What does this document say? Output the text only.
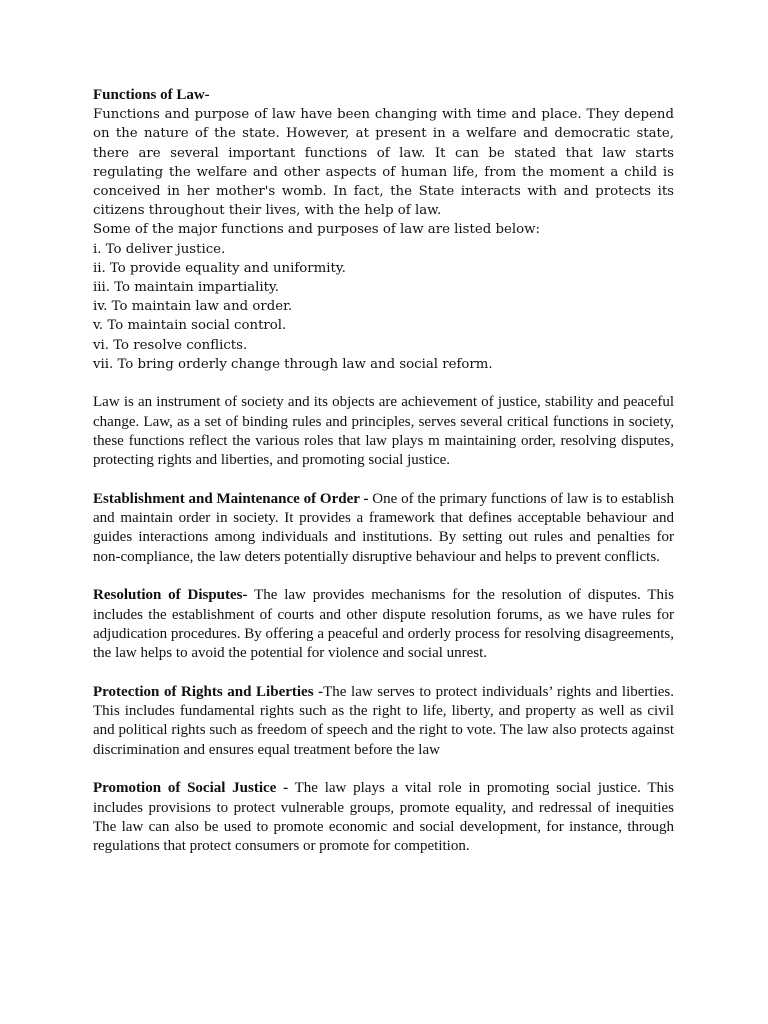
Functions of Law-

Functions and purpose of law have been changing with time and place. They depend on the nature of the state. However, at present in a welfare and democratic state, there are several important functions of law. It can be stated that law starts regulating the welfare and other aspects of human life, from the moment a child is conceived in her mother's womb. In fact, the State interacts with and protects its citizens throughout their lives, with the help of law.

Some of the major functions and purposes of law are listed below:

i. To deliver justice.
ii. To provide equality and uniformity.
iii. To maintain impartiality.
iv. To maintain law and order.
v. To maintain social control.
vi. To resolve conflicts.
vii. To bring orderly change through law and social reform.

Law is an instrument of society and its objects are achievement of justice, stability and peaceful change. Law, as a set of binding rules and principles, serves several critical functions in society, these functions reflect the various roles that law plays m maintaining order, resolving disputes, protecting rights and liberties, and promoting social justice.

Establishment and Maintenance of Order - One of the primary functions of law is to establish and maintain order in society. It provides a framework that defines acceptable behaviour and guides interactions among individuals and institutions. By setting out rules and penalties for non-compliance, the law deters potentially disruptive behaviour and helps to prevent conflicts.

Resolution of Disputes- The law provides mechanisms for the resolution of disputes. This includes the establishment of courts and other dispute resolution forums, as we have rules for adjudication procedures. By offering a peaceful and orderly process for resolving disagreements, the law helps to avoid the potential for violence and social unrest.

Protection of Rights and Liberties -The law serves to protect individuals’ rights and liberties. This includes fundamental rights such as the right to life, liberty, and property as well as civil and political rights such as freedom of speech and the right to vote. The law also protects against discrimination and ensures equal treatment before the law

Promotion of Social Justice - The law plays a vital role in promoting social justice. This includes provisions to protect vulnerable groups, promote equality, and redressal of inequities The law can also be used to promote economic and social development, for instance, through regulations that protect consumers or promote for competition.
